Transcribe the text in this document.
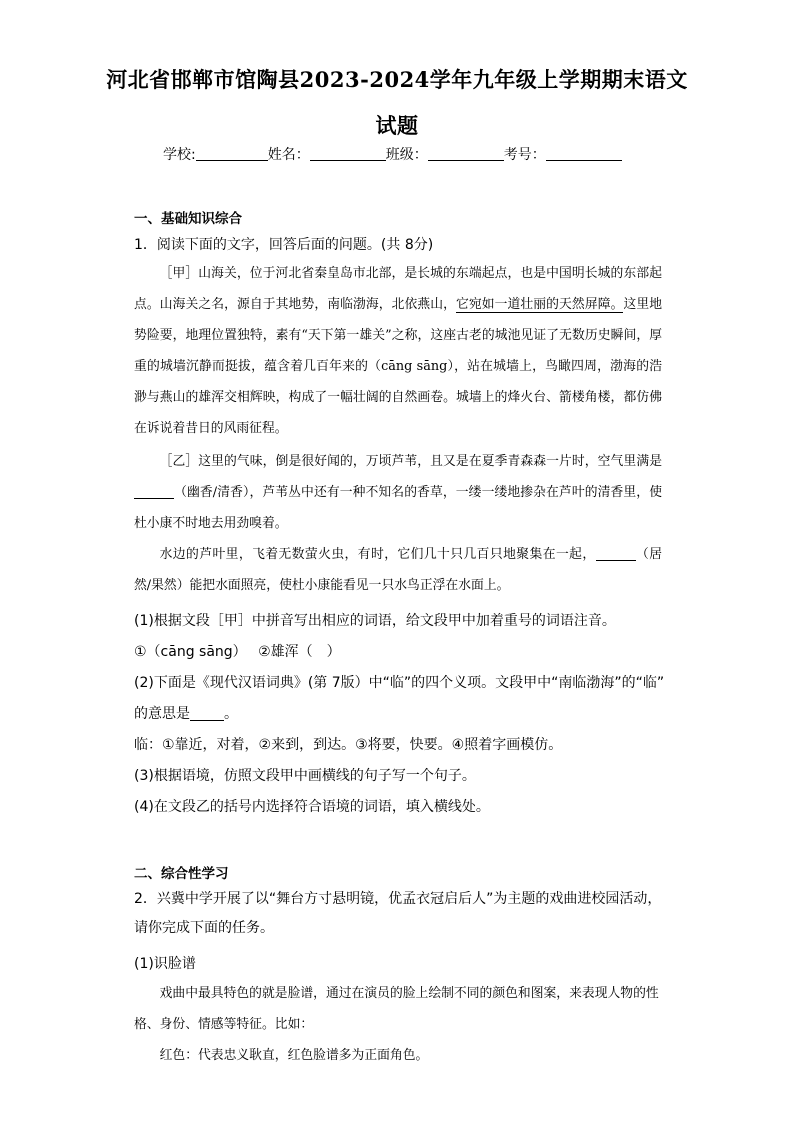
河北省邯郸市馆陶县2023-2024学年九年级上学期期末语文
试题
学校:	姓名：	班级：	考号：

一、基础知识综合

1．阅读下面的文字，回答后面的问题。(共 8分)

［甲］山海关，位于河北省秦皇岛市北部，是长城的东端起点，也是中国明长城的东部起点。山海关之名，源自于其地势，南临渤海，北依燕山，它宛如一道壮丽的天然屏障。这里地势险要，地理位置独特，素有“天下第一雄关”之称，这座古老的城池见证了无数历史瞬间，厚重的城墙沉静而挺拔，蕴含着几百年来的（cāng sāng），站在城墙上，鸟瞰四周，渤海的浩渺与燕山的雄浑交相辉映，构成了一幅壮阔的自然画卷。城墙上的烽火台、箭楼角楼，都仿佛在诉说着昔日的风雨征程。

［乙］这里的气味，倒是很好闻的，万顷芦苇，且又是在夏季青森森一片时，空气里满是（幽香/清香），芦苇丛中还有一种不知名的香草，一缕一缕地掺杂在芦叶的清香里，使杜小康不时地去用劲嗅着。

水边的芦叶里，飞着无数萤火虫，有时，它们几十只几百只地聚集在一起，	（居然/果然）能把水面照亮，使杜小康能看见一只水鸟正浮在水面上。

(1)根据文段［甲］中拼音写出相应的词语，给文段甲中加着重号的词语注音。

①（cāng sāng）　 ②雄浑（　）

(2)下面是《现代汉语词典》(第 7版）中“临”的四个义项。文段甲中“南临渤海”的“临”

的意思是 。

临：①靠近，对着，②来到，到达。③将要，快要。④照着字画模仿。

(3)根据语境，仿照文段甲中画横线的句子写一个句子。

(4)在文段乙的括号内选择符合语境的词语，填入横线处。

二、综合性学习

2．兴冀中学开展了以“舞台方寸悬明镜，优孟衣冠启后人”为主题的戏曲进校园活动，请你完成下面的任务。

(1)识脸谱

戏曲中最具特色的就是脸谱，通过在演员的脸上绘制不同的颜色和图案，来表现人物的性格、身份、情感等特征。比如：

红色：代表忠义耿直，红色脸谱多为正面角色。
